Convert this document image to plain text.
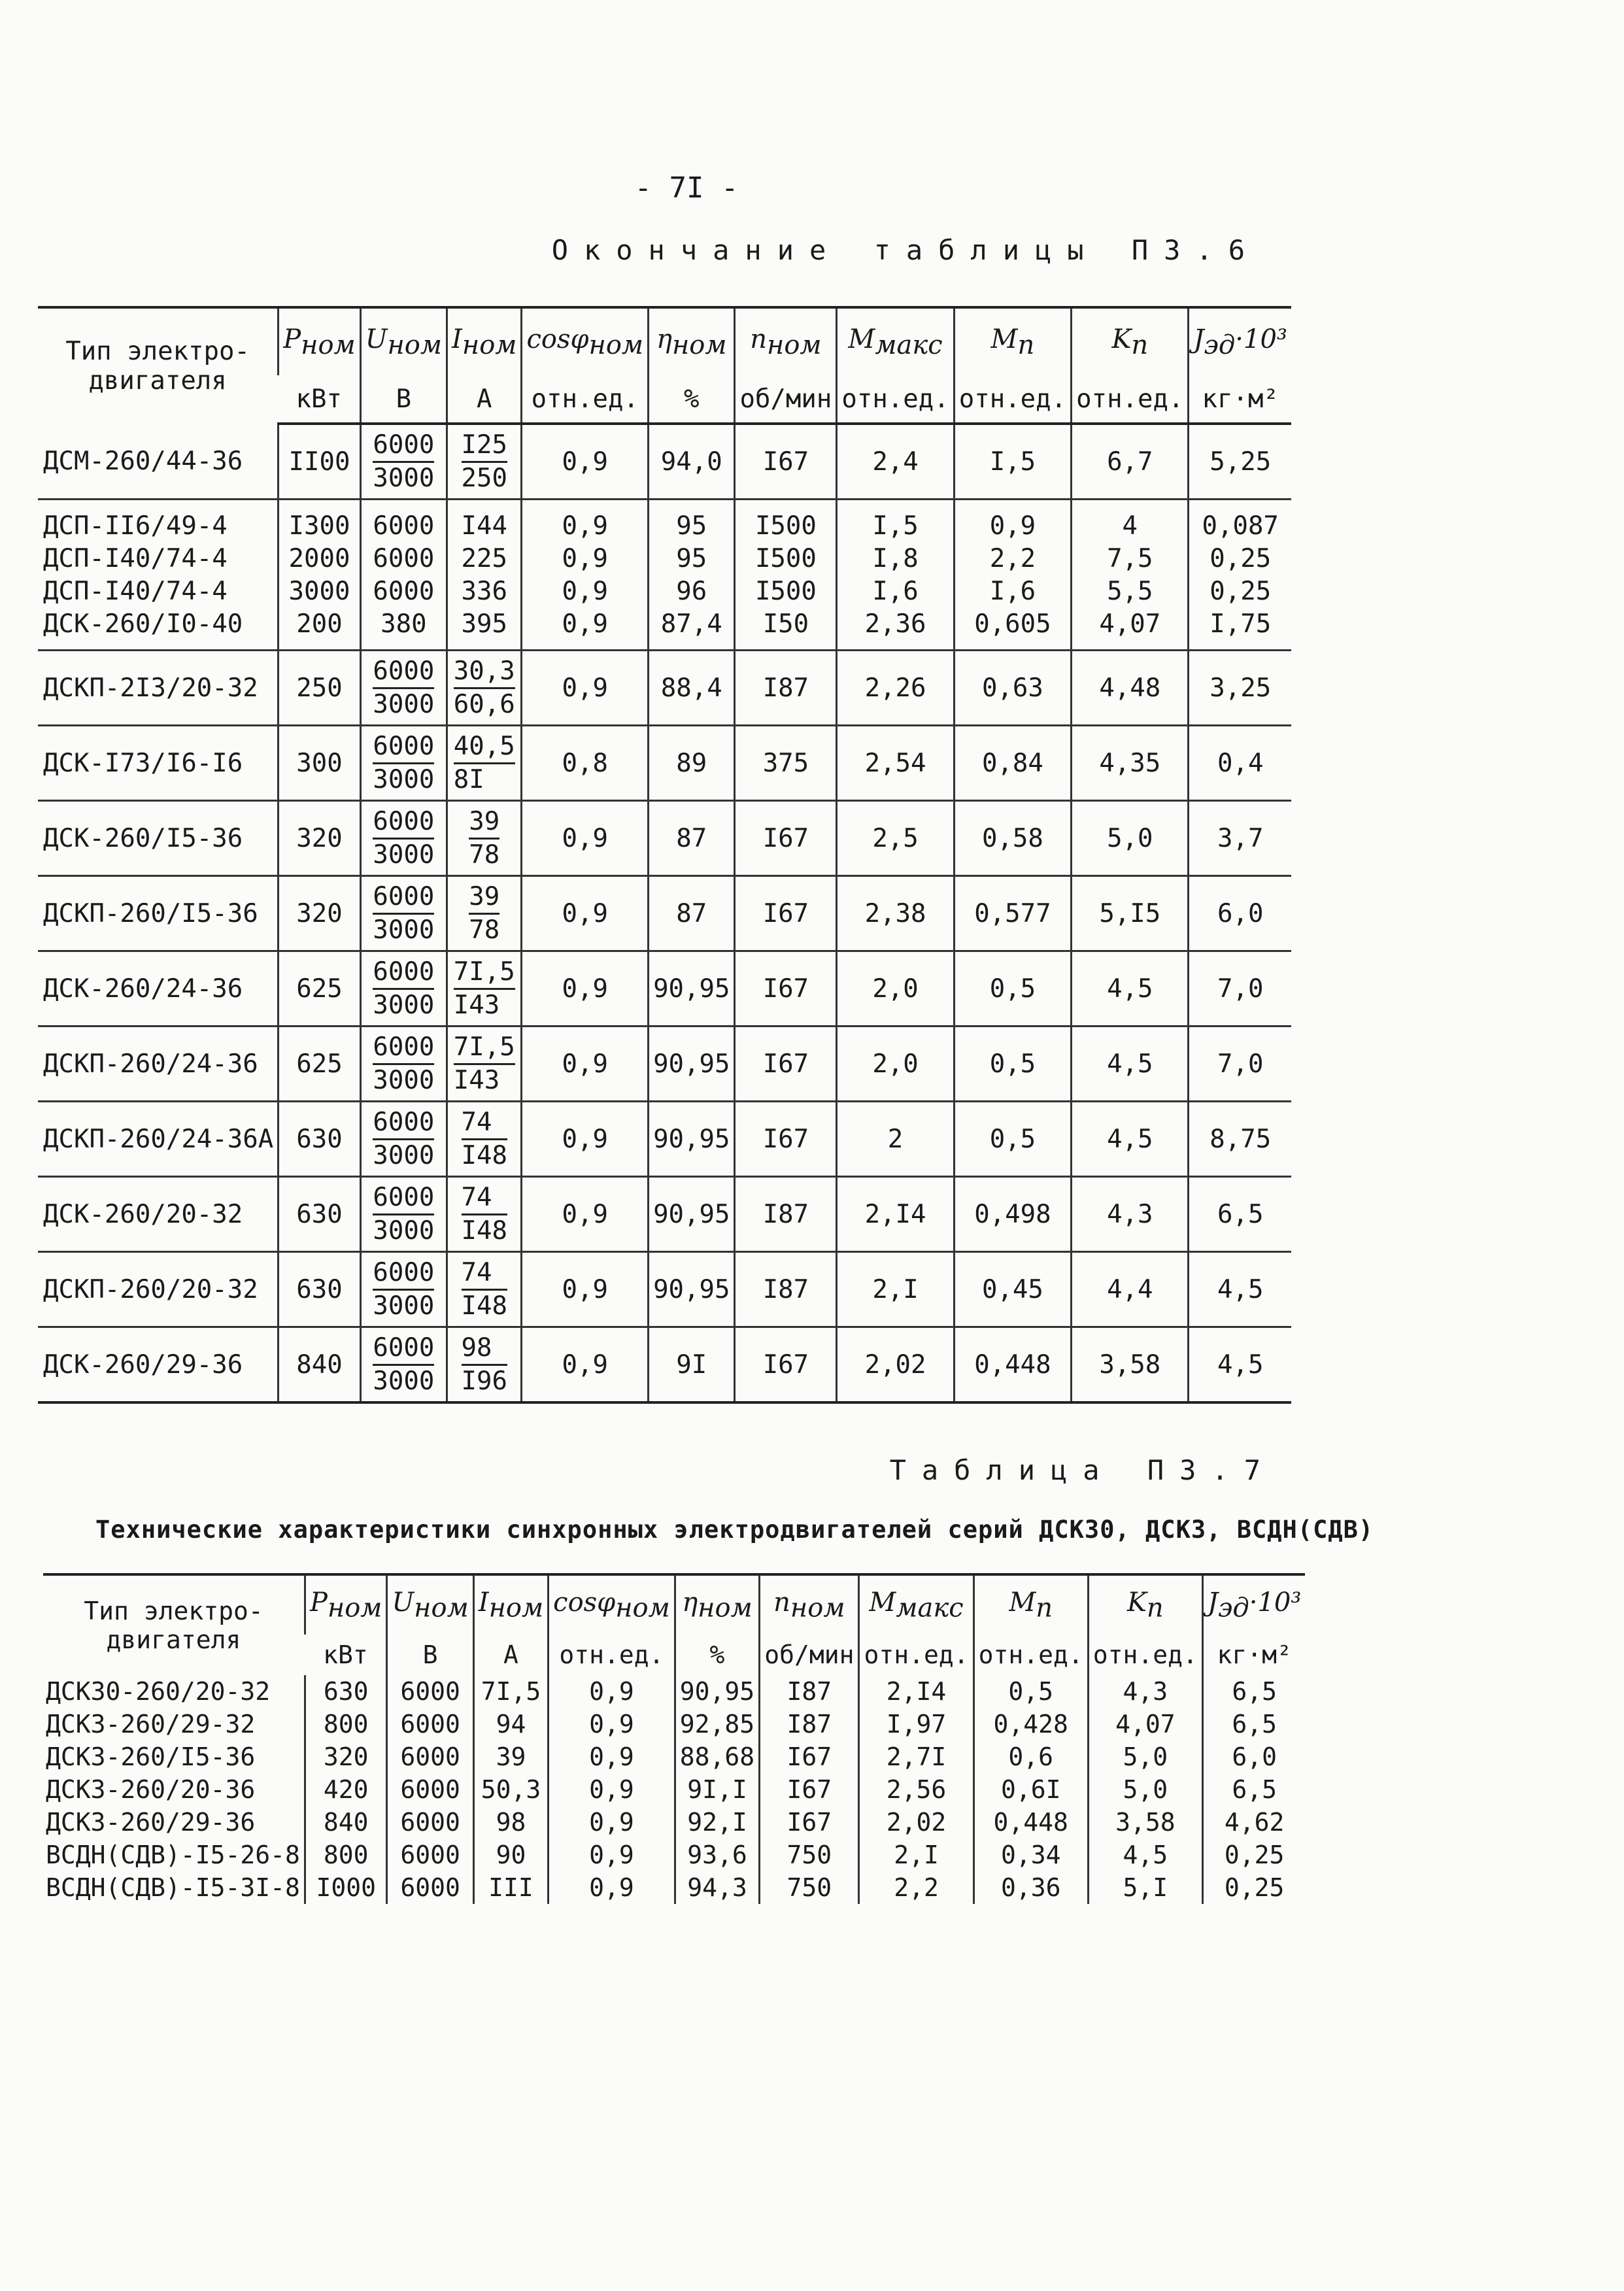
- 7I -
Окончание таблицы П3.6
Тип электро-
двигателя	$P_{ном}$	$U_{ном}$	$I_{ном}$	cosφ$_{ном}$	$\eta_{ном}$	$n_{ном}$	$M_{макс}$	$M_п$	$K_п$	$J_{эд}\cdot 10^3$
	кВт	В	А	отн.ед.	%	об/мин	отн.ед.	отн.ед.	отн.ед.	кг·м²
ДСМ-260/44-36	II00	$\frac{6000}{3000}$	$\frac{I25}{250}$	0,9	94,0	I67	2,4	I,5	6,7	5,25
ДСП-II6/49-4	I300	6000	I44	0,9	95	I500	I,5	0,9	4	0,087
ДСП-I40/74-4	2000	6000	225	0,9	95	I500	I,8	2,2	7,5	0,25
ДСП-I40/74-4	3000	6000	336	0,9	96	I500	I,6	I,6	5,5	0,25
ДСК-260/I0-40	200	380	395	0,9	87,4	I50	2,36	0,605	4,07	I,75
ДСКП-2I3/20-32	250	$\frac{6000}{3000}$	$\frac{30,3}{60,6}$	0,9	88,4	I87	2,26	0,63	4,48	3,25
ДСК-I73/I6-I6	300	$\frac{6000}{3000}$	$\frac{40,5}{8I}$	0,8	89	375	2,54	0,84	4,35	0,4
ДСК-260/I5-36	320	$\frac{6000}{3000}$	$\frac{39}{78}$	0,9	87	I67	2,5	0,58	5,0	3,7
ДСКП-260/I5-36	320	$\frac{6000}{3000}$	$\frac{39}{78}$	0,9	87	I67	2,38	0,577	5,I5	6,0
ДСК-260/24-36	625	$\frac{6000}{3000}$	$\frac{7I,5}{I43}$	0,9	90,95	I67	2,0	0,5	4,5	7,0
ДСКП-260/24-36	625	$\frac{6000}{3000}$	$\frac{7I,5}{I43}$	0,9	90,95	I67	2,0	0,5	4,5	7,0
ДСКП-260/24-36А	630	$\frac{6000}{3000}$	$\frac{74}{I48}$	0,9	90,95	I67	2	0,5	4,5	8,75
ДСК-260/20-32	630	$\frac{6000}{3000}$	$\frac{74}{I48}$	0,9	90,95	I87	2,I4	0,498	4,3	6,5
ДСКП-260/20-32	630	$\frac{6000}{3000}$	$\frac{74}{I48}$	0,9	90,95	I87	2,I	0,45	4,4	4,5
ДСК-260/29-36	840	$\frac{6000}{3000}$	$\frac{98}{I96}$	0,9	9I	I67	2,02	0,448	3,58	4,5
Таблица П3.7
Технические характеристики синхронных электродвигателей серий ДСК30, ДСК3, ВСДН(СДВ)
Тип электро-
двигателя	$P_{ном}$	$U_{ном}$	$I_{ном}$	cosφ$_{ном}$	$\eta_{ном}$	$n_{ном}$	$M_{макс}$	$M_п$	$K_п$	$J_{эд}\cdot 10^3$
	кВт	В	А	отн.ед.	%	об/мин	отн.ед.	отн.ед.	отн.ед.	кг·м²
ДСК30-260/20-32	630	6000	7I,5	0,9	90,95	I87	2,I4	0,5	4,3	6,5
ДСК3-260/29-32	800	6000	94	0,9	92,85	I87	I,97	0,428	4,07	6,5
ДСК3-260/I5-36	320	6000	39	0,9	88,68	I67	2,7I	0,6	5,0	6,0
ДСК3-260/20-36	420	6000	50,3	0,9	9I,I	I67	2,56	0,6I	5,0	6,5
ДСК3-260/29-36	840	6000	98	0,9	92,I	I67	2,02	0,448	3,58	4,62
ВСДН(СДВ)-I5-26-8	800	6000	90	0,9	93,6	750	2,I	0,34	4,5	0,25
ВСДН(СДВ)-I5-3I-8	I000	6000	III	0,9	94,3	750	2,2	0,36	5,I	0,25
